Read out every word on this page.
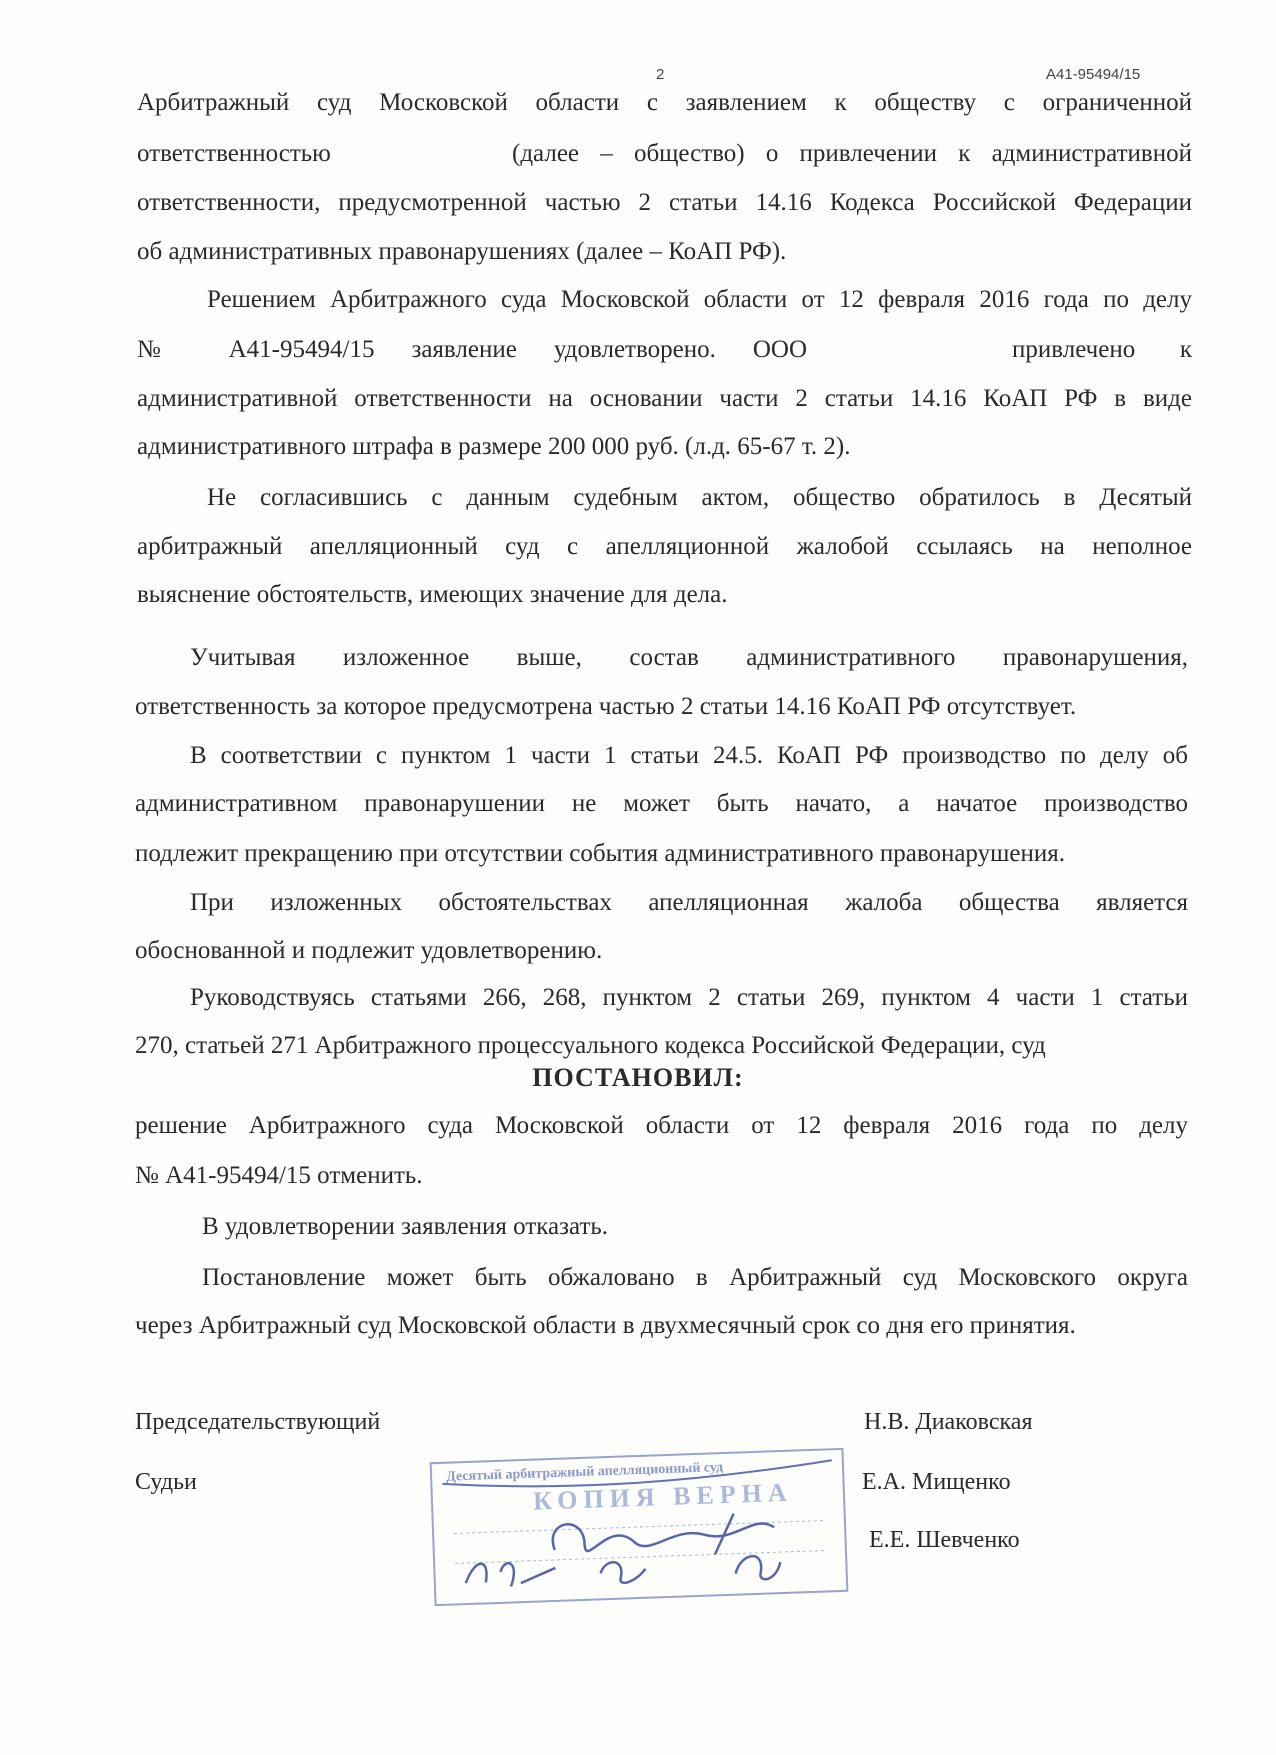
2	А41-95494/15
Арбитражный суд Московской области с заявлением к обществу с ограниченной
ответственностью	(далее – общество) о привлечении к административной
ответственности, предусмотренной частью 2 статьи 14.16 Кодекса Российской Федерации
об административных правонарушениях (далее – КоАП РФ).
Решением Арбитражного суда Московской области от 12 февраля 2016 года по делу
№ А41-95494/15 заявление удовлетворено. ООО	привлечено к
административной ответственности на основании части 2 статьи 14.16 КоАП РФ в виде
административного штрафа в размере 200 000 руб. (л.д. 65-67 т. 2).
Не согласившись с данным судебным актом, общество обратилось в Десятый
арбитражный апелляционный суд с апелляционной жалобой ссылаясь на неполное
выяснение обстоятельств, имеющих значение для дела.
Учитывая изложенное выше, состав административного правонарушения,
ответственность за которое предусмотрена частью 2 статьи 14.16 КоАП РФ отсутствует.
В соответствии с пунктом 1 части 1 статьи 24.5. КоАП РФ производство по делу об
административном правонарушении не может быть начато, а начатое производство
подлежит прекращению при отсутствии события административного правонарушения.
При изложенных обстоятельствах апелляционная жалоба общества является
обоснованной и подлежит удовлетворению.
Руководствуясь статьями 266, 268, пунктом 2 статьи 269, пунктом 4 части 1 статьи
270, статьей 271 Арбитражного процессуального кодекса Российской Федерации, суд
ПОСТАНОВИЛ:
решение Арбитражного суда Московской области от 12 февраля 2016 года по делу
№ А41-95494/15 отменить.
В удовлетворении заявления отказать.
Постановление может быть обжаловано в Арбитражный суд Московского округа
через Арбитражный суд Московской области в двухмесячный срок со дня его принятия.
Председательствующий	Н.В. Диаковская
Судьи	Е.А. Мищенко
Е.Е. Шевченко
Десятый арбитражный апелляционный суд
КОПИЯ ВЕРНА
